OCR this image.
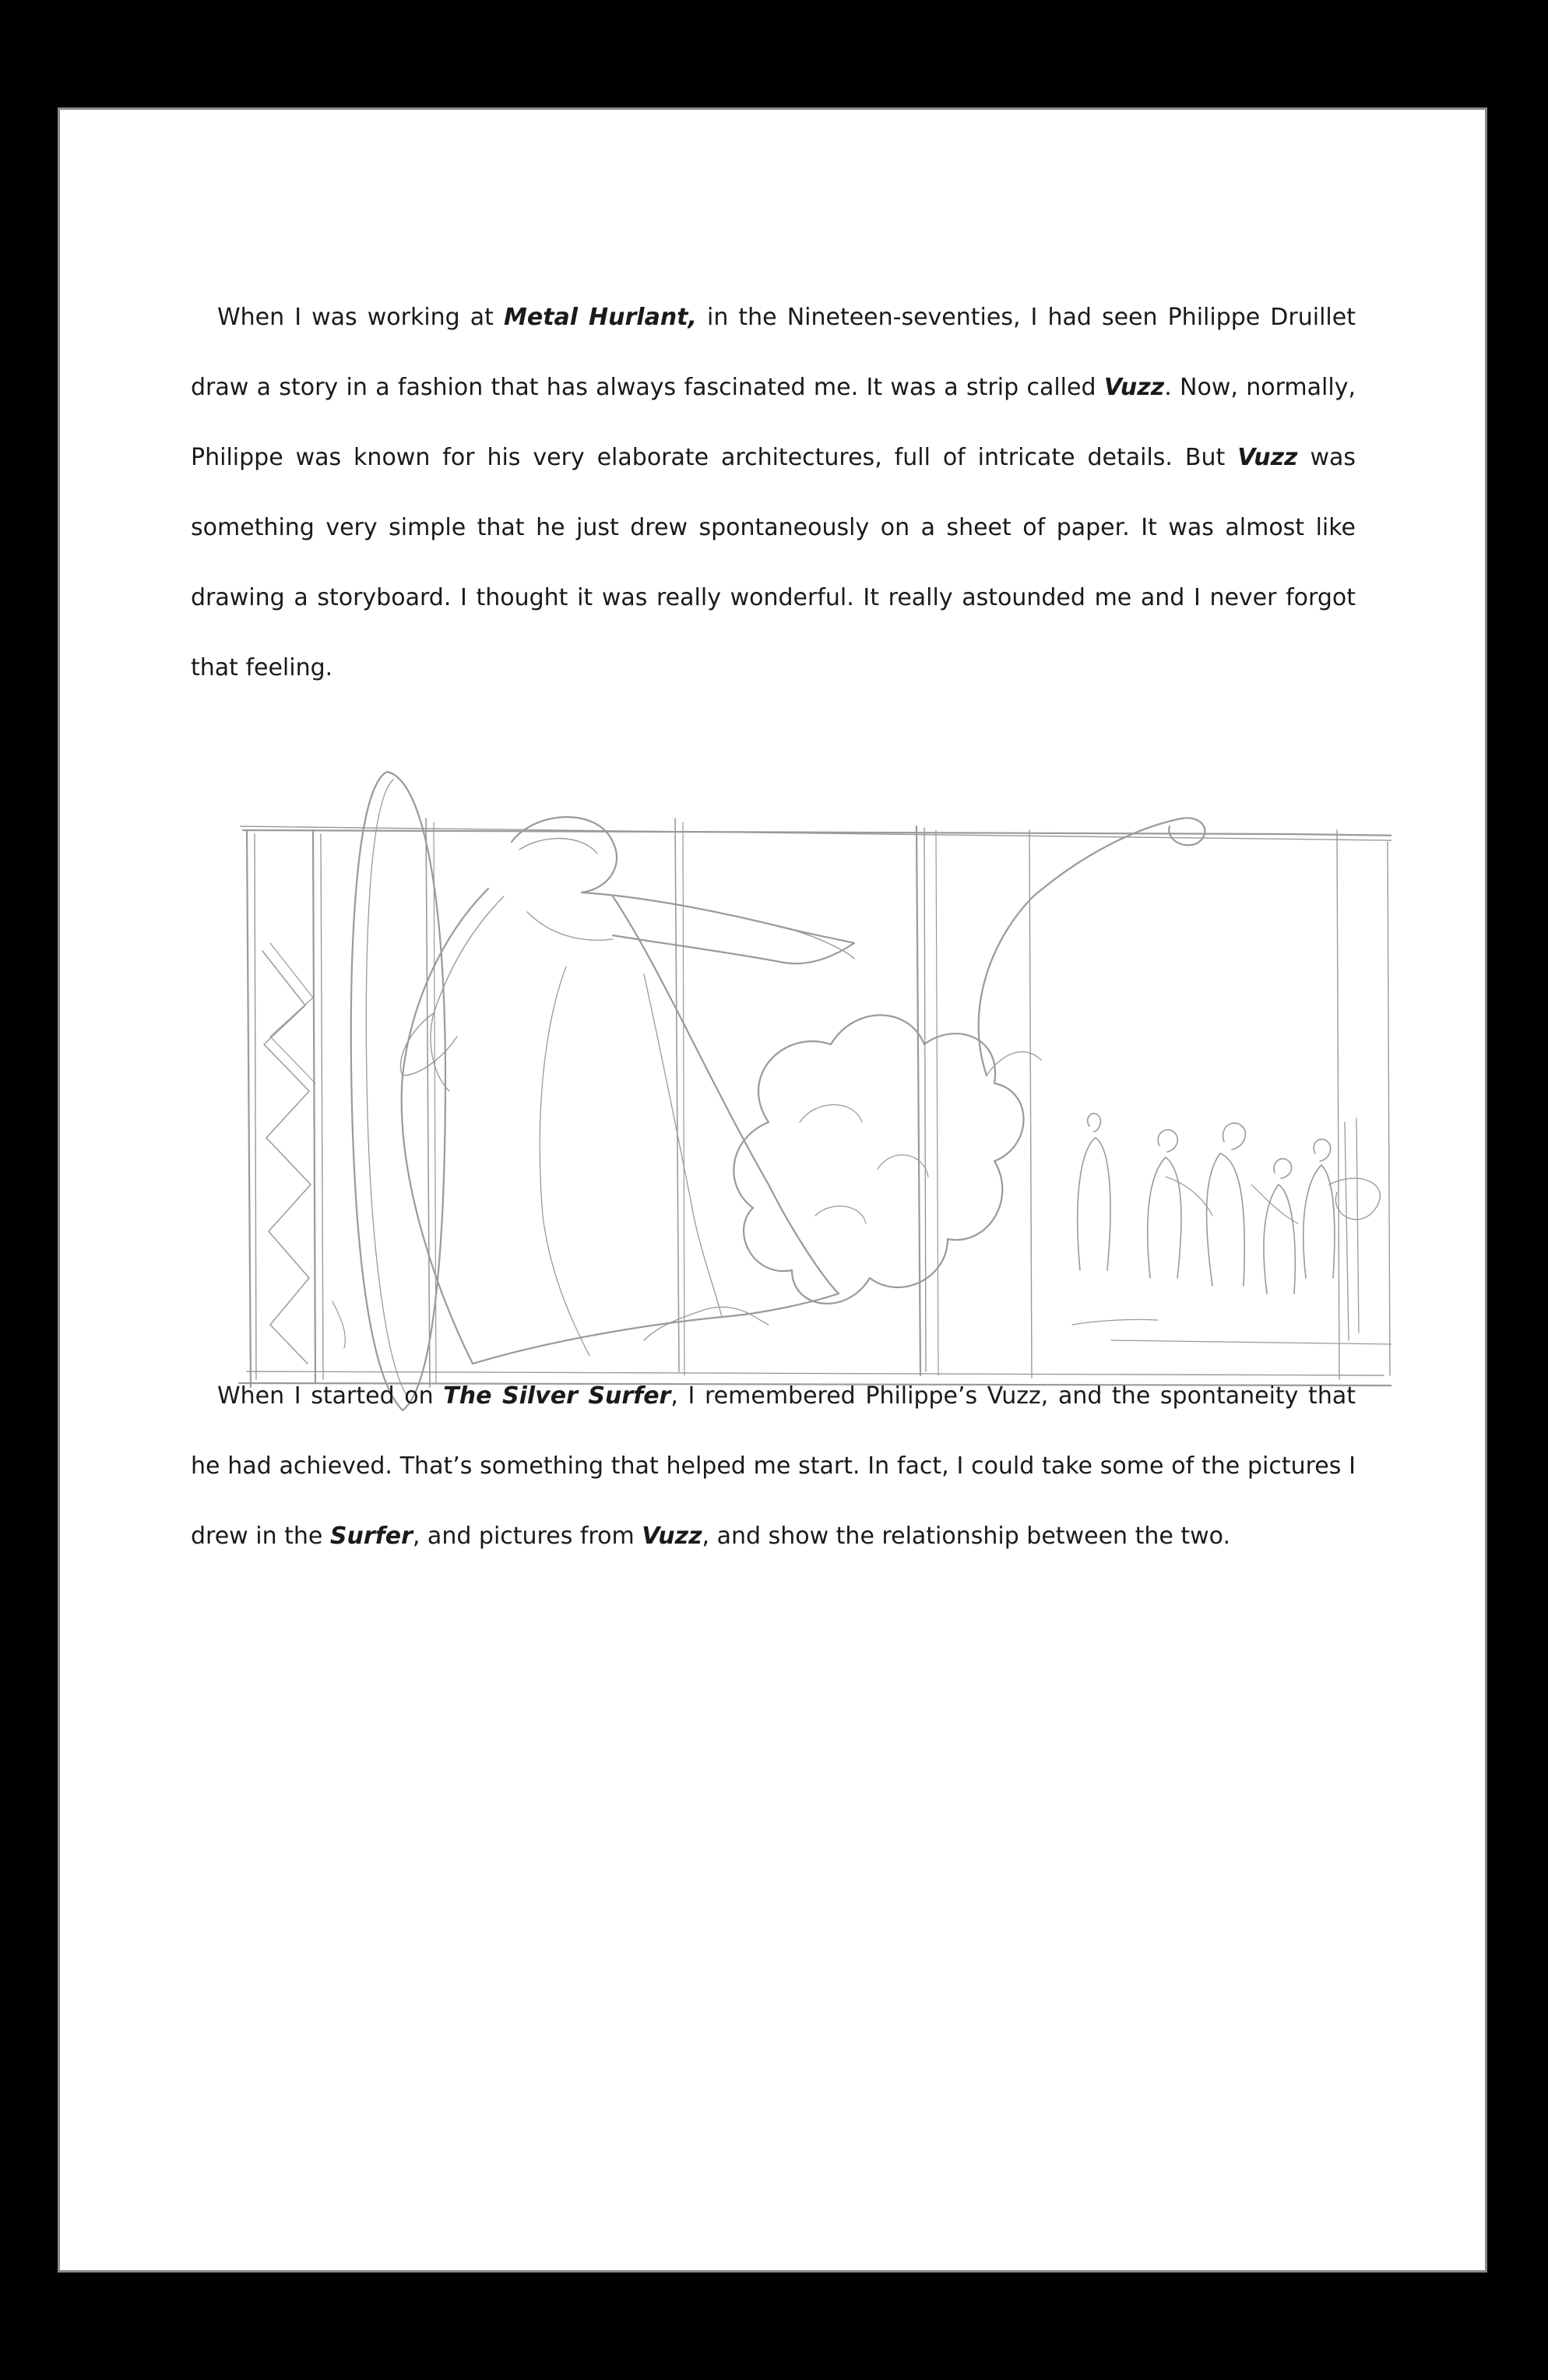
When I was working at Metal Hurlant, in the Nineteen-seventies, I had seen Philippe Druillet draw a story in a fashion that has always fascinated me. It was a strip called Vuzz. Now, normally, Philippe was known for his very elaborate architectures, full of intricate details. But Vuzz was something very simple that he just drew spontaneously on a sheet of paper. It was almost like drawing a storyboard. I thought it was really wonderful. It really astounded me and I never forgot that feeling.

When I started on The Silver Surfer, I remembered Philippe’s Vuzz, and the spontaneity that he had achieved. That’s something that helped me start. In fact, I could take some of the pictures I drew in the Surfer, and pictures from Vuzz, and show the relationship between the two.
